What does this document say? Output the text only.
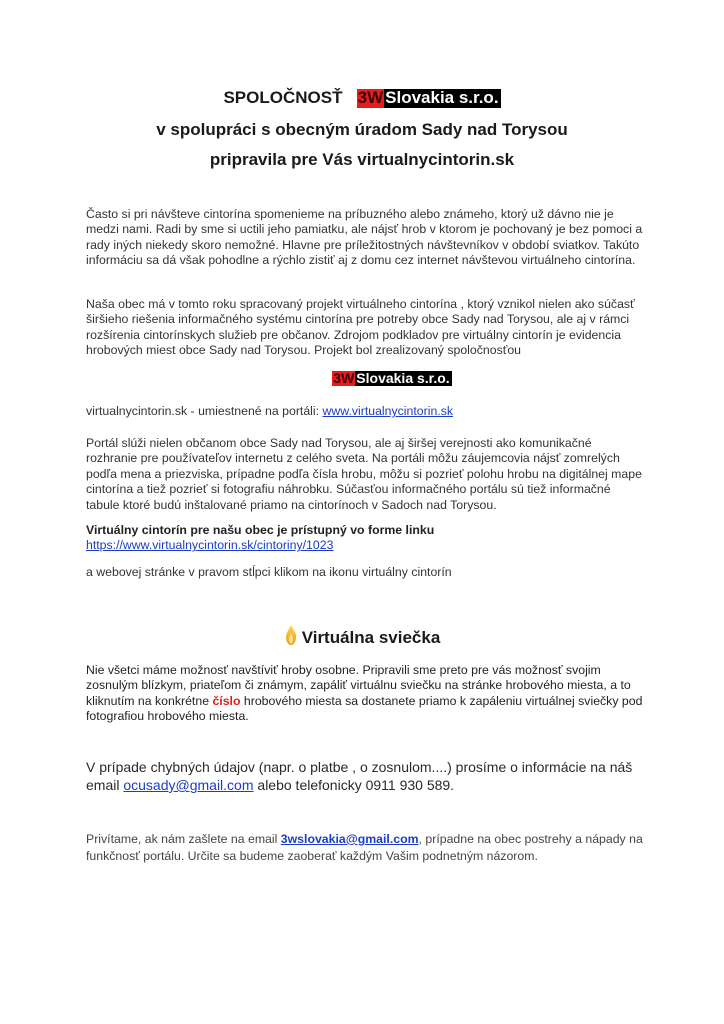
SPOLOČNOSŤ 3W Slovakia s.r.o.
v spolupráci s obecným úradom Sady nad Torysou
pripravila pre Vás virtualnycintorin.sk

Často si pri návšteve cintorína spomenieme na príbuzného alebo známeho, ktorý už dávno nie je medzi nami. Radi by sme si uctili jeho pamiatku, ale nájsť hrob v ktorom je pochovaný je bez pomoci a rady iných niekedy skoro nemožné. Hlavne pre príležitostných návštevníkov v období sviatkov. Takúto informáciu sa dá však pohodlne a rýchlo zistiť aj z domu cez internet návštevou virtuálneho cintorína.

Naša obec má v tomto roku spracovaný projekt virtuálneho cintorína , ktorý vznikol nielen ako súčasť širšieho riešenia informačného systému cintorína pre potreby obce Sady nad Torysou, ale aj v rámci rozšírenia cintorínskych služieb pre občanov. Zdrojom podkladov pre virtuálny cintorín je evidencia hrobových miest obce Sady nad Torysou. Projekt bol zrealizovaný spoločnosťou

3W Slovakia s.r.o.
virtualnycintorin.sk - umiestnené na portáli: www.virtualnycintorin.sk

Portál slúži nielen občanom obce Sady nad Torysou, ale aj širšej verejnosti ako komunikačné rozhranie pre používateľov internetu z celého sveta. Na portáli môžu záujemcovia nájsť zomrelých podľa mena a priezviska, prípadne podľa čísla hrobu, môžu si pozrieť polohu hrobu na digitálnej mape cintorína a tiež pozrieť si fotografiu náhrobku. Súčasťou informačného portálu sú tiež informačné tabule ktoré budú inštalované priamo na cintorínoch v Sadoch nad Torysou.

Virtuálny cintorín pre našu obec je prístupný vo forme linku
https://www.virtualnycintorin.sk/cintoriny/1023
a webovej stránke v pravom stĺpci klikom na ikonu virtuálny cintorín
Virtuálna sviečka
Nie všetci máme možnosť navštíviť hroby osobne. Pripravili sme preto pre vás možnosť svojim zosnulým blízkym, priateľom či známym, zapáliť virtuálnu sviečku na stránke hrobového miesta, a to kliknutím na konkrétne číslo hrobového miesta sa dostanete priamo k zapáleniu virtuálnej sviečky pod fotografiou hrobového miesta.
V prípade chybných údajov (napr. o platbe , o zosnulom....) prosíme o informácie na náš email ocusady@gmail.com alebo telefonicky 0911 930 589.
Privítame, ak nám zašlete na email 3wslovakia@gmail.com, prípadne na obec postrehy a nápady na funkčnosť portálu. Určite sa budeme zaoberať každým Vašim podnetným názorom.
